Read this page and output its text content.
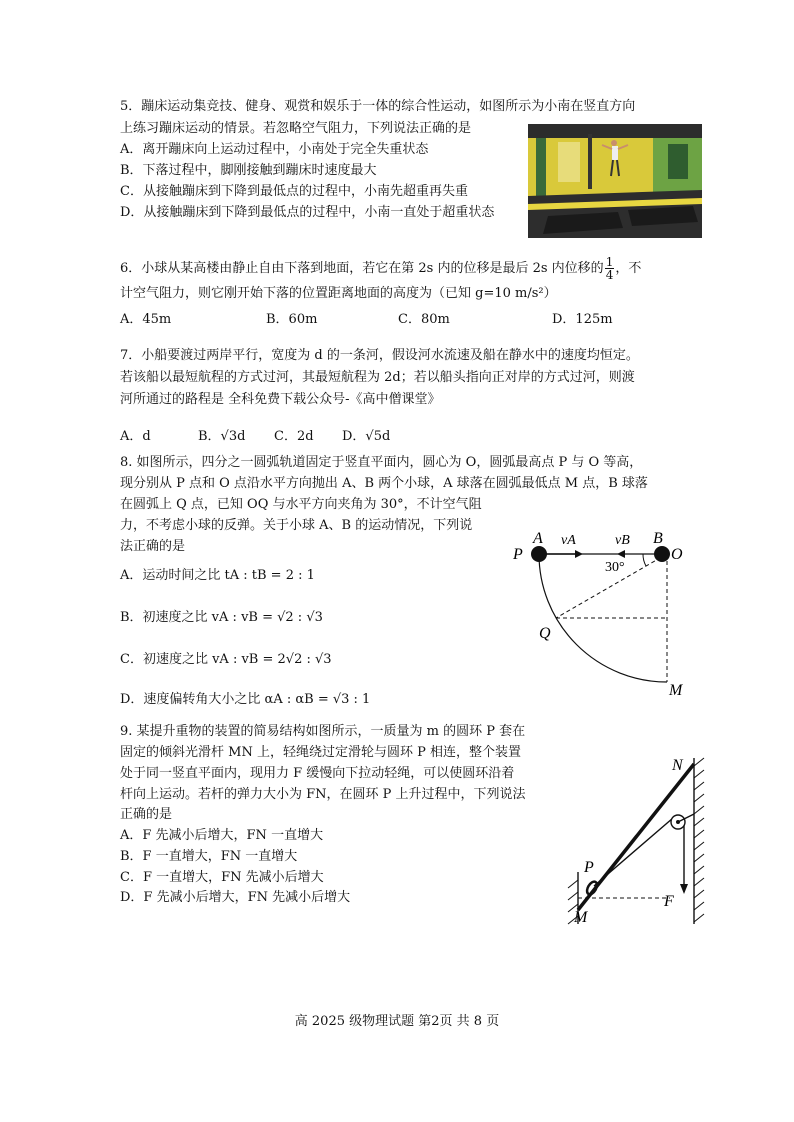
5．蹦床运动集竞技、健身、观赏和娱乐于一体的综合性运动，如图所示为小南在竖直方向
上练习蹦床运动的情景。若忽略空气阻力，下列说法正确的是
A．离开蹦床向上运动过程中，小南处于完全失重状态
B．下落过程中，脚刚接触到蹦床时速度最大
C．从接触蹦床到下降到最低点的过程中，小南先超重再失重
D．从接触蹦床到下降到最低点的过程中，小南一直处于超重状态
6．小球从某高楼由静止自由下落到地面，若它在第 2s 内的位移是最后 2s 内位移的 $\frac{1}{4}$ ，不
计空气阻力，则它刚开始下落的位置距离地面的高度为（已知 g=10 m/s²）
A．45m	B．60m	C．80m	D．125m
7．小船要渡过两岸平行，宽度为 d 的一条河，假设河水流速及船在静水中的速度均恒定。
若该船以最短航程的方式过河，其最短航程为 2d；若以船头指向正对岸的方式过河，则渡
河所通过的路程是 全科免费下载公众号-《高中僧课堂》
A．d	B．√3d C．2d D．√5d
8. 如图所示，四分之一圆弧轨道固定于竖直平面内，圆心为 O，圆弧最高点 P 与 O 等高，
现分别从 P 点和 O 点沿水平方向抛出 A、B 两个小球，A 球落在圆弧最低点 M 点，B 球落
在圆弧上 Q 点，已知 OQ 与水平方向夹角为 30°，不计空气阻
力，不考虑小球的反弹。关于小球 A、B 的运动情况，下列说
法正确的是
A．运动时间之比 tA : tB = 2 : 1
B．初速度之比 vA : vB = √2 : √3
C．初速度之比 vA : vB = 2√2 : √3
D．速度偏转角大小之比 αA : αB = √3 : 1
A	B
P	O
Q
M
vA	vB
30°
9. 某提升重物的装置的简易结构如图所示，一质量为 m 的圆环 P 套在
固定的倾斜光滑杆 MN 上，轻绳绕过定滑轮与圆环 P 相连，整个装置
处于同一竖直平面内，现用力 F 缓慢向下拉动轻绳，可以使圆环沿着
杆向上运动。若杆的弹力大小为 FN，在圆环 P 上升过程中，下列说法
正确的是
A．F 先减小后增大，FN 一直增大
B．F 一直增大，FN 一直增大
C．F 一直增大，FN 先减小后增大
D．F 先减小后增大，FN 先减小后增大
N
P
M
F
高 2025 级物理试题 第2页 共 8 页
